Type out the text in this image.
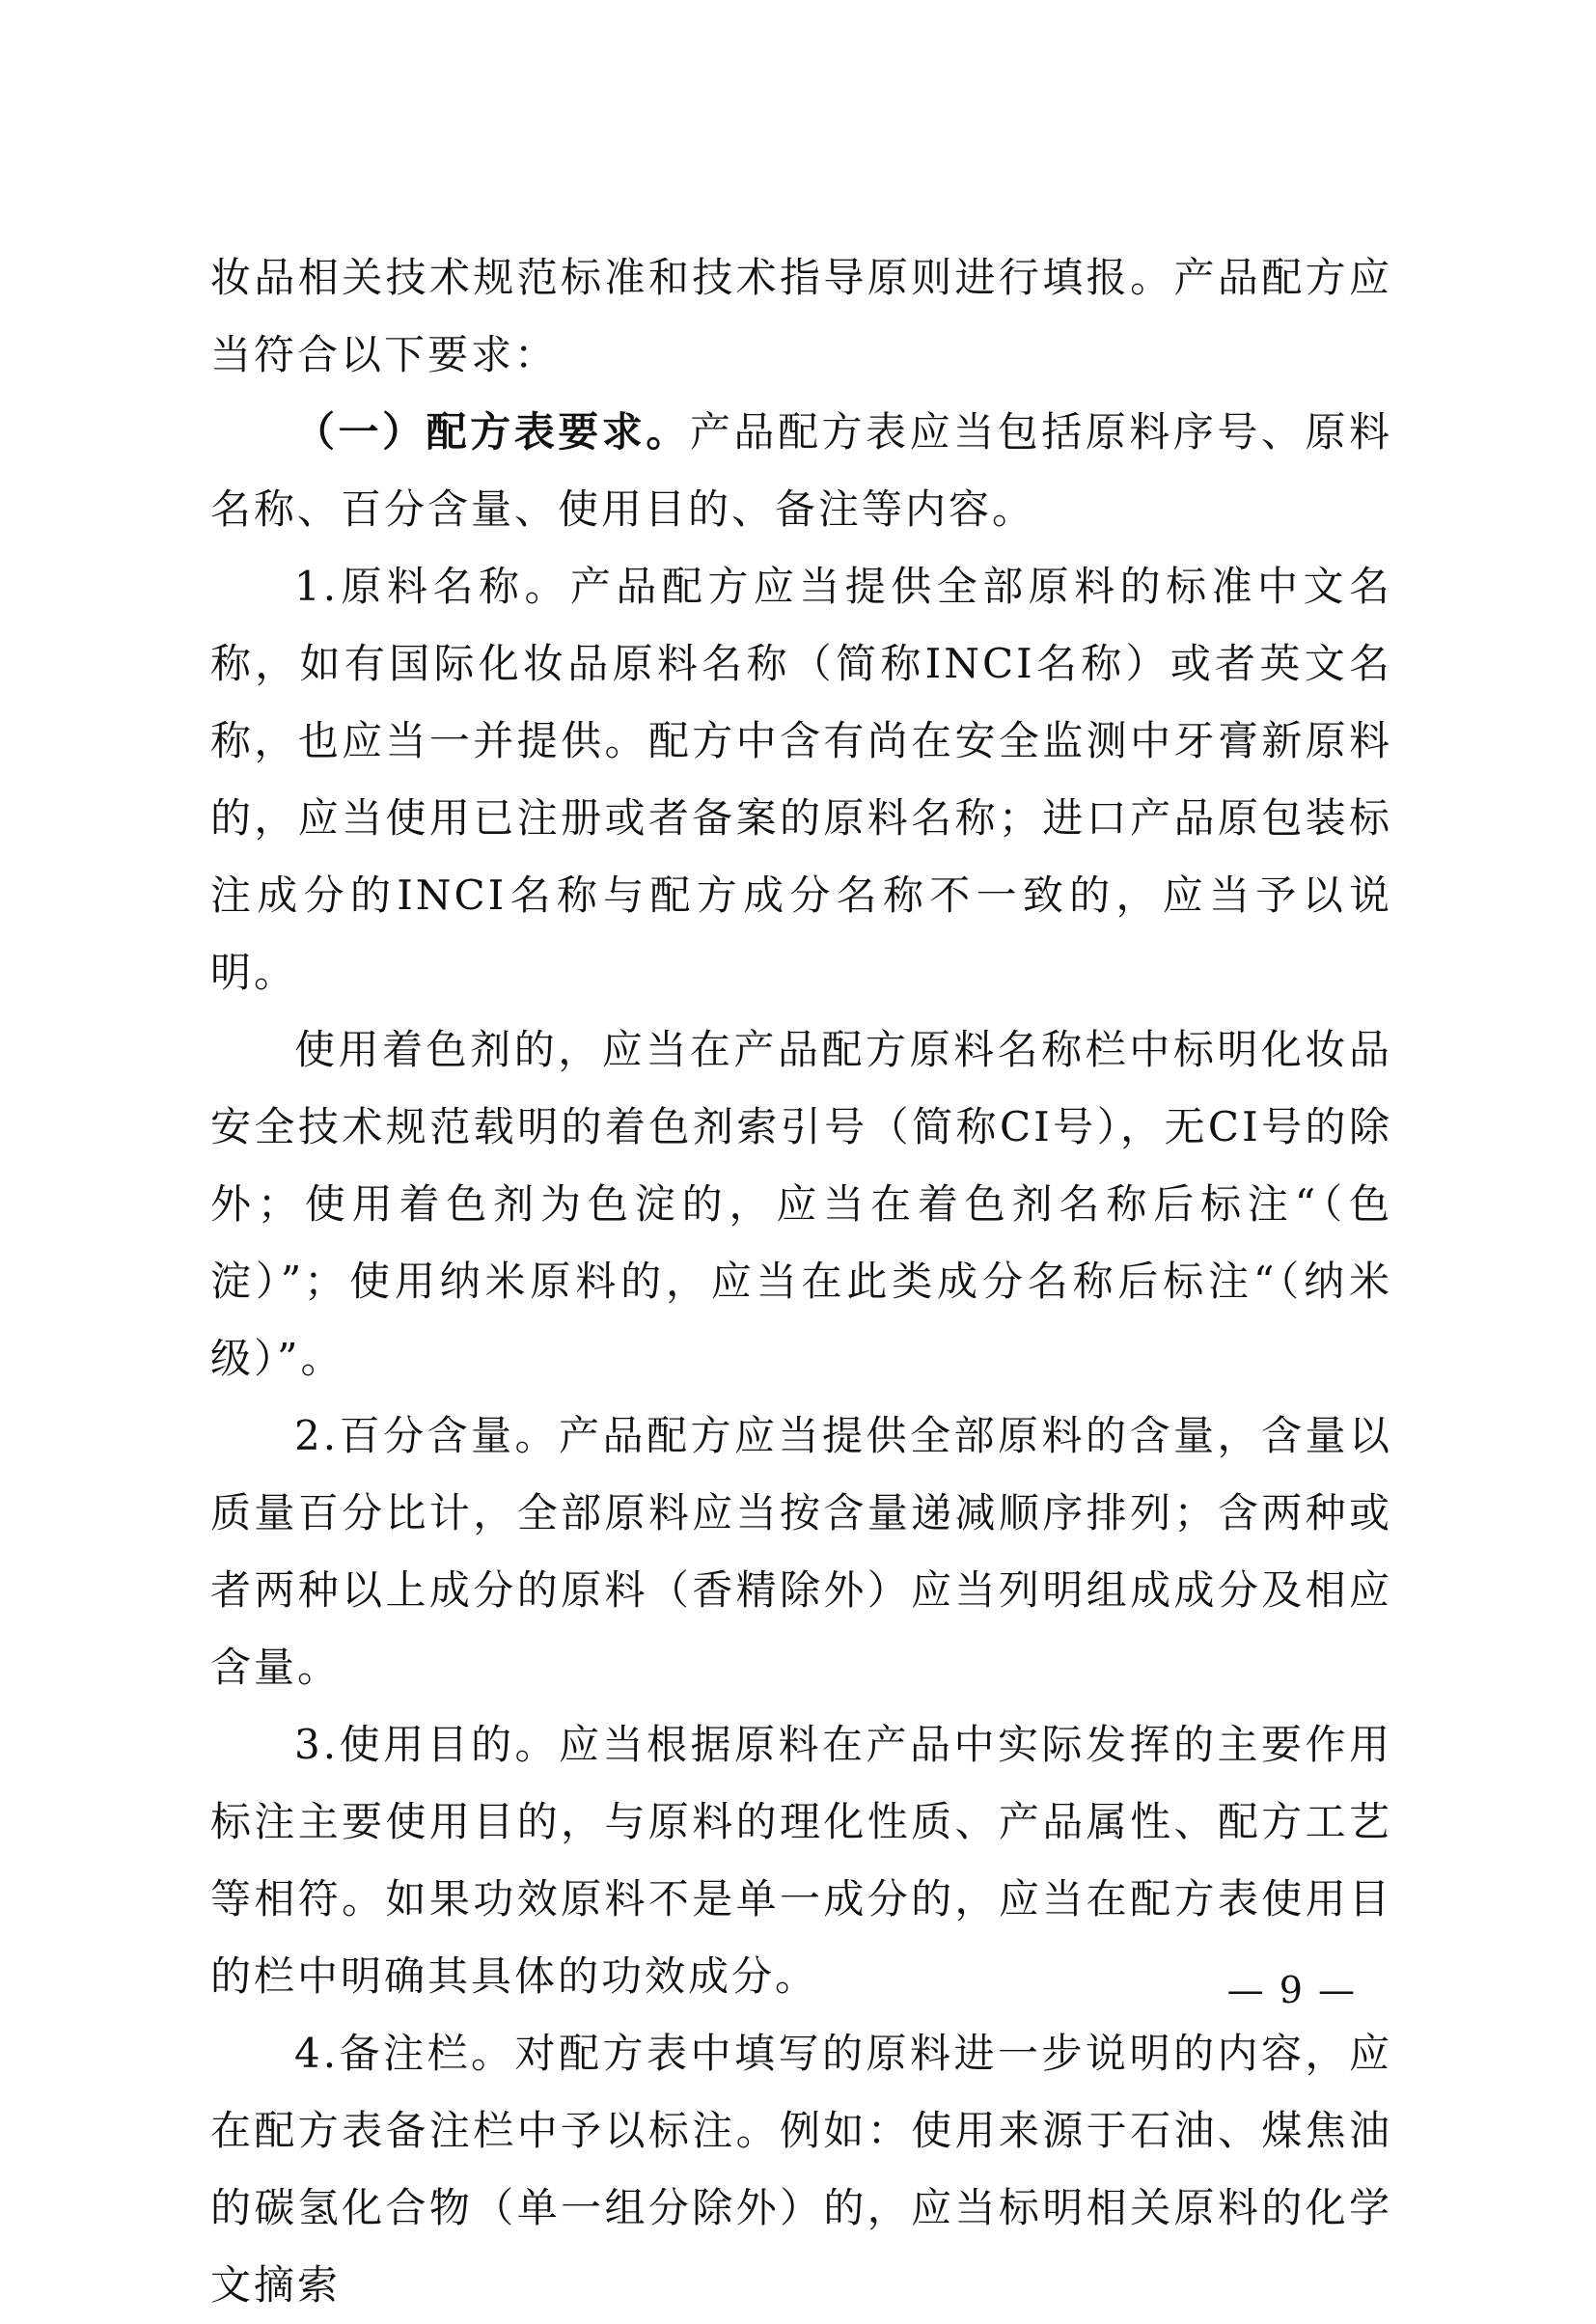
妆品相关技术规范标准和技术指导原则进行填报。产品配方应当符合以下要求：

（一）配方表要求。产品配方表应当包括原料序号、原料名称、百分含量、使用目的、备注等内容。

1.原料名称。产品配方应当提供全部原料的标准中文名称，如有国际化妆品原料名称（简称INCI名称）或者英文名称，也应当一并提供。配方中含有尚在安全监测中牙膏新原料的，应当使用已注册或者备案的原料名称；进口产品原包装标注成分的INCI名称与配方成分名称不一致的，应当予以说明。

使用着色剂的，应当在产品配方原料名称栏中标明化妆品安全技术规范载明的着色剂索引号（简称CI号），无CI号的除外；使用着色剂为色淀的，应当在着色剂名称后标注“（色淀）”；使用纳米原料的，应当在此类成分名称后标注“（纳米级）”。

2.百分含量。产品配方应当提供全部原料的含量，含量以质量百分比计，全部原料应当按含量递减顺序排列；含两种或者两种以上成分的原料（香精除外）应当列明组成成分及相应含量。

3.使用目的。应当根据原料在产品中实际发挥的主要作用标注主要使用目的，与原料的理化性质、产品属性、配方工艺等相符。如果功效原料不是单一成分的，应当在配方表使用目的栏中明确其具体的功效成分。

4.备注栏。对配方表中填写的原料进一步说明的内容，应在配方表备注栏中予以标注。例如：使用来源于石油、煤焦油的碳氢化合物（单一组分除外）的，应当标明相关原料的化学文摘索

— 9 —
